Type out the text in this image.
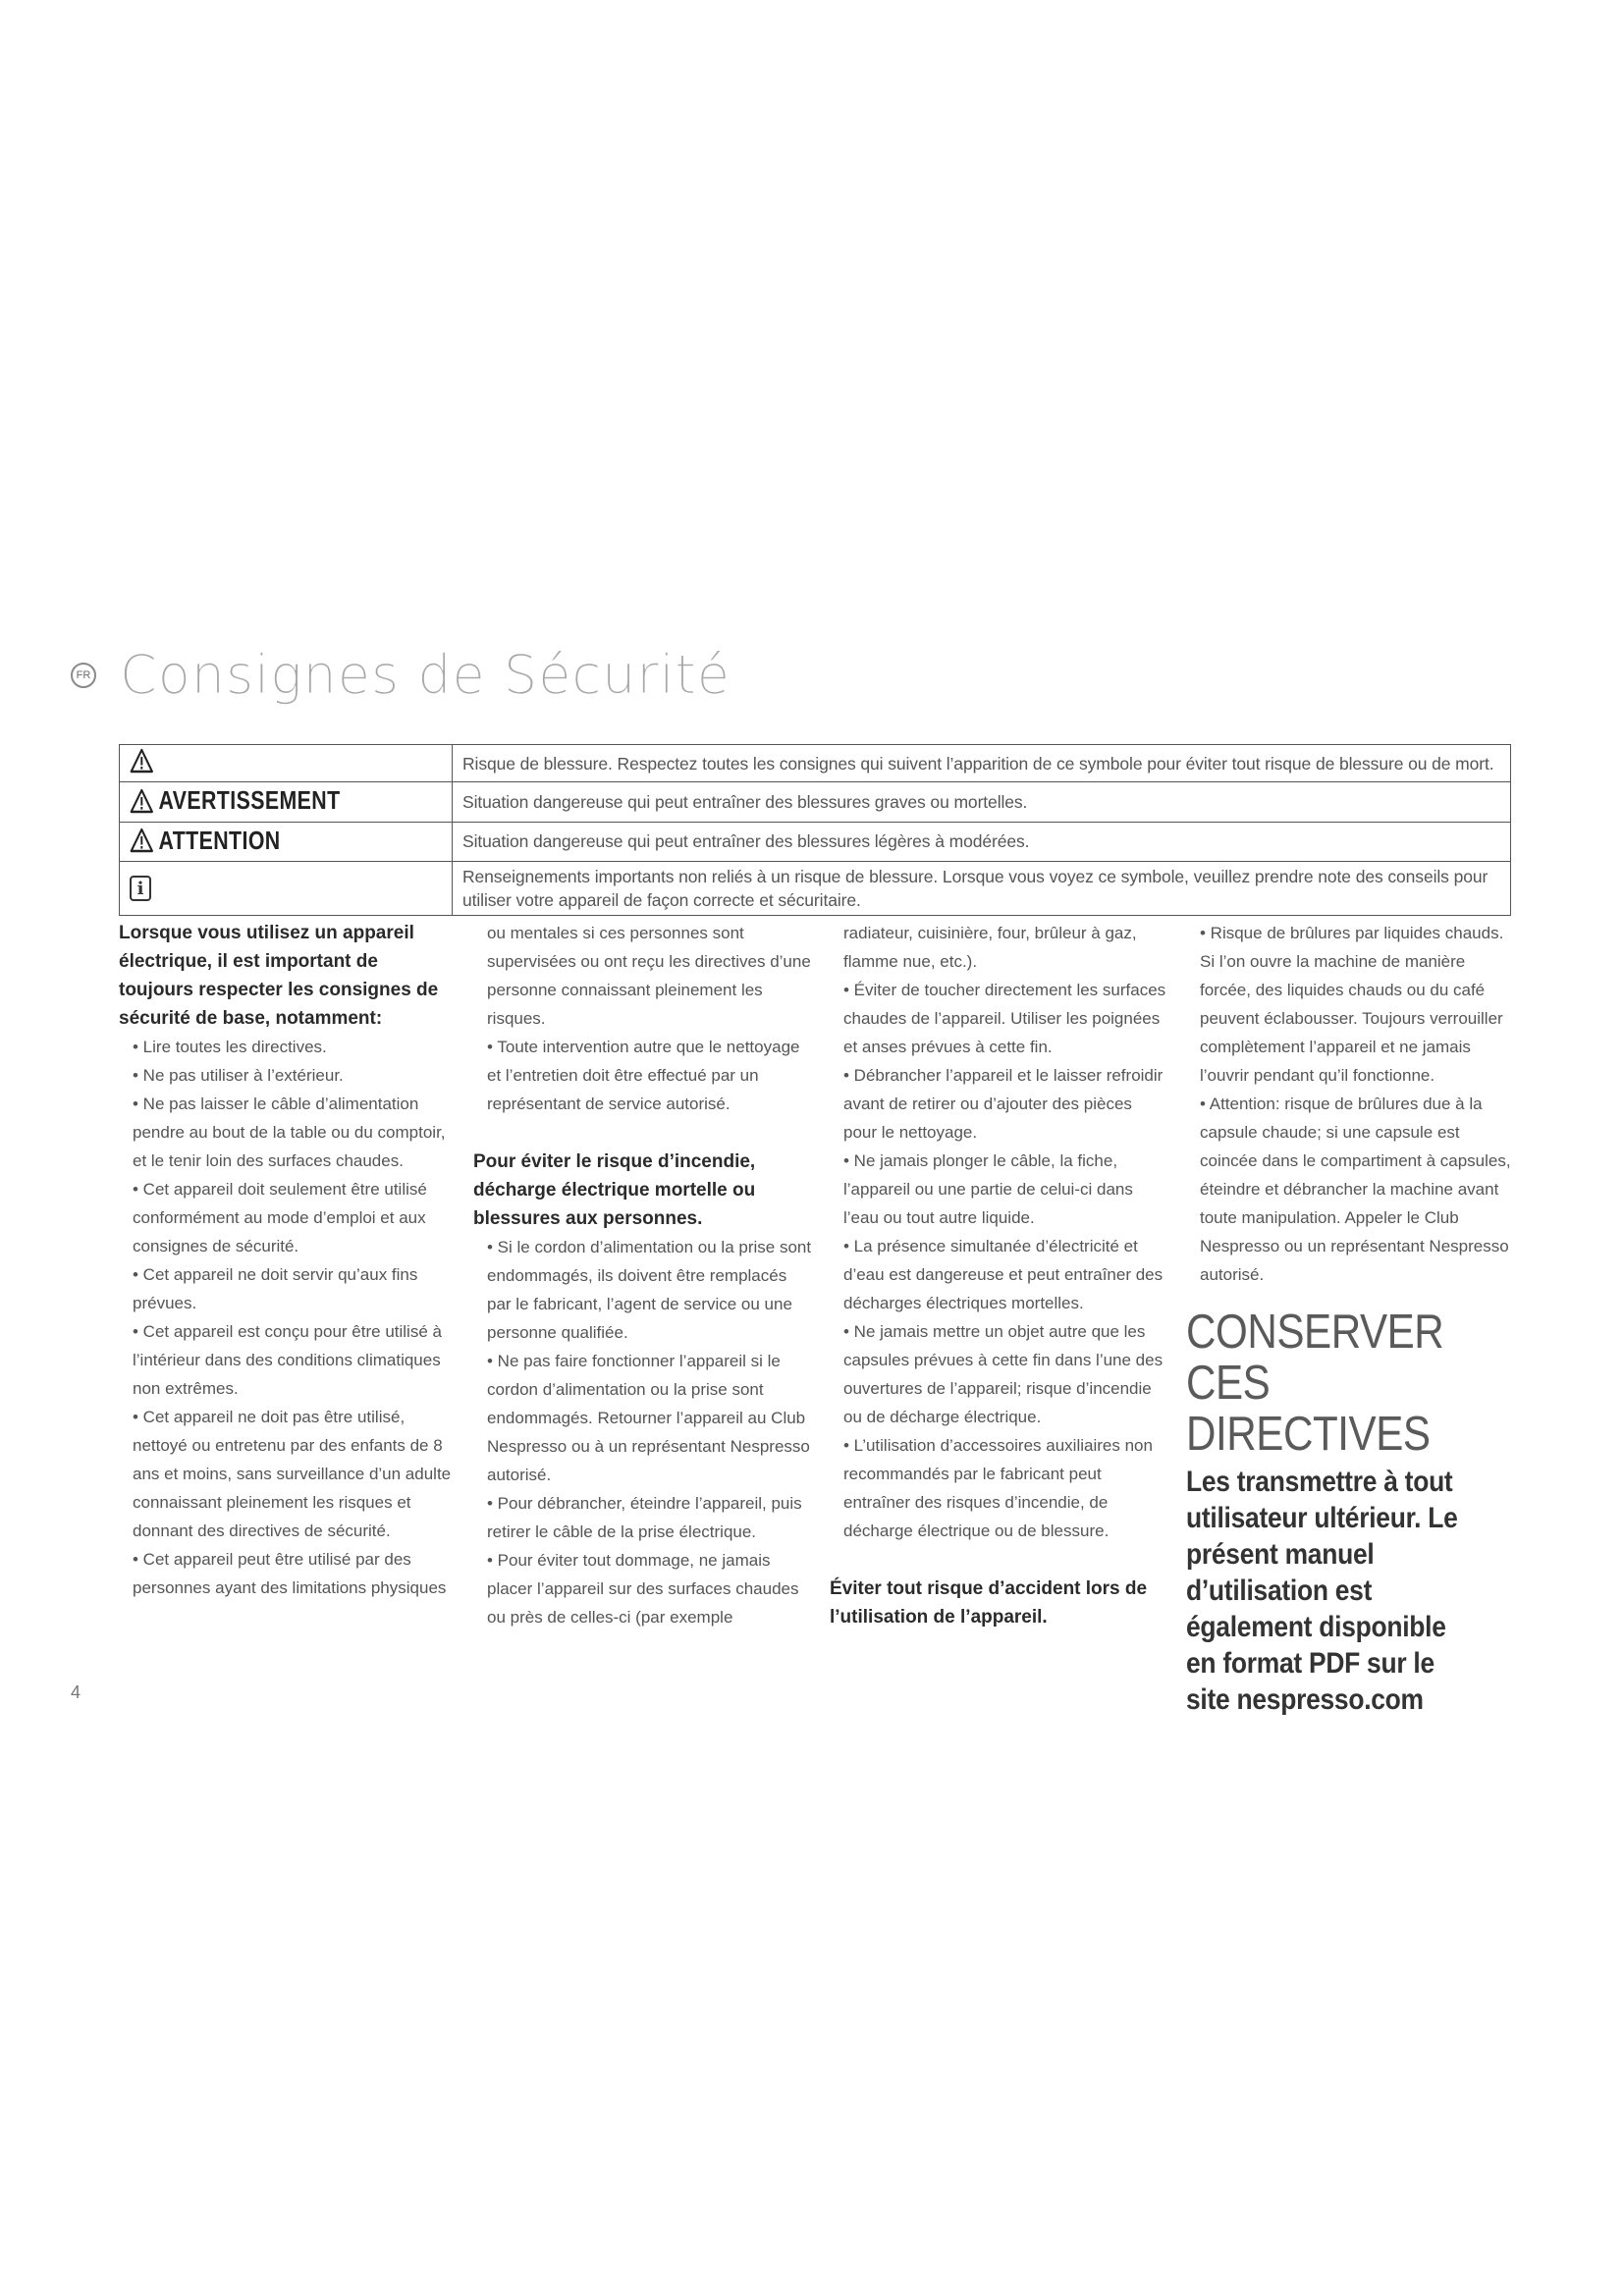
FR Consignes de Sécurité
	Risque de blessure. Respectez toutes les consignes qui suivent l’apparition de ce symbole pour éviter tout risque de blessure ou de mort.

AVERTISSEMENT	Situation dangereuse qui peut entraîner des blessures graves ou mortelles.

ATTENTION	Situation dangereuse qui peut entraîner des blessures légères à modérées.
i	Renseignements importants non reliés à un risque de blessure. Lorsque vous voyez ce symbole, veuillez prendre note des conseils pour utiliser votre appareil de façon correcte et sécuritaire.

Lorsque vous utilisez un appareil électrique, il est important de toujours respecter les consignes de sécurité de base, notamment:

• Lire toutes les directives.

• Ne pas utiliser à l’extérieur.

• Ne pas laisser le câble d’alimentation pendre au bout de la table ou du comptoir, et le tenir loin des surfaces chaudes.

• Cet appareil doit seulement être utilisé conformément au mode d’emploi et aux consignes de sécurité.

• Cet appareil ne doit servir qu’aux fins prévues.

• Cet appareil est conçu pour être utilisé à l’intérieur dans des conditions climatiques non extrêmes.

• Cet appareil ne doit pas être utilisé, nettoyé ou entretenu par des enfants de 8 ans et moins, sans surveillance d’un adulte connaissant pleinement les risques et donnant des directives de sécurité.

• Cet appareil peut être utilisé par des personnes ayant des limitations physiques

ou mentales si ces personnes sont supervisées ou ont reçu les directives d’une personne connaissant pleinement les risques.

• Toute intervention autre que le nettoyage et l’entretien doit être effectué par un représentant de service autorisé.

Pour éviter le risque d’incendie, décharge électrique mortelle ou blessures aux personnes.

• Si le cordon d’alimentation ou la prise sont endommagés, ils doivent être remplacés par le fabricant, l’agent de service ou une personne qualifiée.

• Ne pas faire fonctionner l’appareil si le cordon d’alimentation ou la prise sont endommagés. Retourner l’appareil au Club Nespresso ou à un représentant Nespresso autorisé.

• Pour débrancher, éteindre l’appareil, puis retirer le câble de la prise électrique.

• Pour éviter tout dommage, ne jamais placer l’appareil sur des surfaces chaudes ou près de celles-ci (par exemple

radiateur, cuisinière, four, brûleur à gaz, flamme nue, etc.).

• Éviter de toucher directement les surfaces chaudes de l’appareil. Utiliser les poignées et anses prévues à cette fin.

• Débrancher l’appareil et le laisser refroidir avant de retirer ou d’ajouter des pièces pour le nettoyage.

• Ne jamais plonger le câble, la fiche, l’appareil ou une partie de celui-ci dans l’eau ou tout autre liquide.

• La présence simultanée d’électricité et d’eau est dangereuse et peut entraîner des décharges électriques mortelles.

• Ne jamais mettre un objet autre que les capsules prévues à cette fin dans l’une des ouvertures de l’appareil; risque d’incendie ou de décharge électrique.

• L’utilisation d’accessoires auxiliaires non recommandés par le fabricant peut entraîner des risques d’incendie, de décharge électrique ou de blessure.

Éviter tout risque d’accident lors de l’utilisation de l’appareil.

• Risque de brûlures par liquides chauds. Si l’on ouvre la machine de manière forcée, des liquides chauds ou du café peuvent éclabousser. Toujours verrouiller complètement l’appareil et ne jamais l’ouvrir pendant qu’il fonctionne.

• Attention: risque de brûlures due à la capsule chaude; si une capsule est coincée dans le compartiment à capsules, éteindre et débrancher la machine avant toute manipulation. Appeler le Club Nespresso ou un représentant Nespresso autorisé.

CONSERVER CES DIRECTIVES

Les transmettre à tout utilisateur ultérieur. Le présent manuel d’utilisation est également disponible en format PDF sur le site nespresso.com

4
